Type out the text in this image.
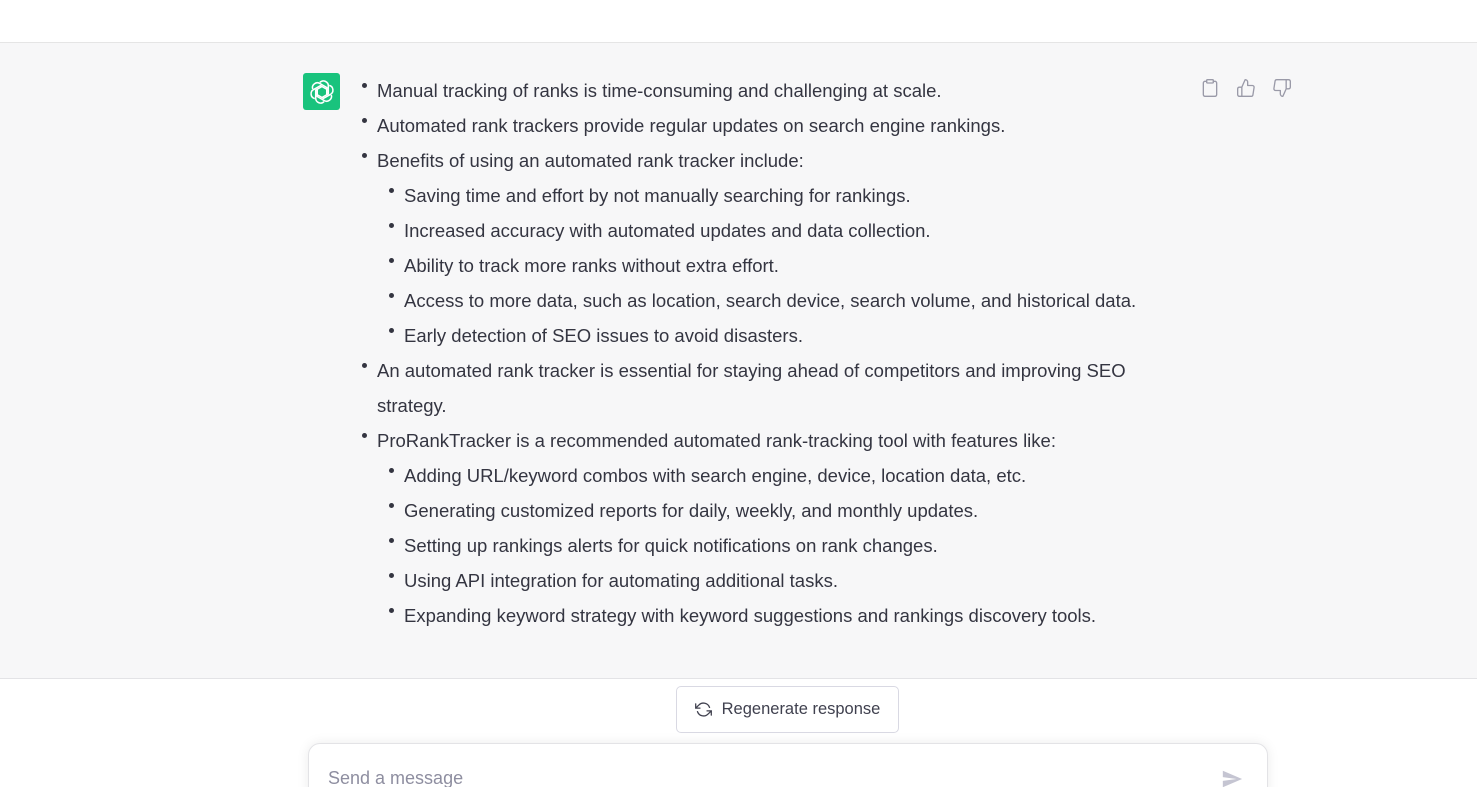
Manual tracking of ranks is time-consuming and challenging at scale.
Automated rank trackers provide regular updates on search engine rankings.
Benefits of using an automated rank tracker include:
Saving time and effort by not manually searching for rankings.
Increased accuracy with automated updates and data collection.
Ability to track more ranks without extra effort.
Access to more data, such as location, search device, search volume, and historical data.
Early detection of SEO issues to avoid disasters.
An automated rank tracker is essential for staying ahead of competitors and improving SEO strategy.
ProRankTracker is a recommended automated rank-tracking tool with features like:
Adding URL/keyword combos with search engine, device, location data, etc.
Generating customized reports for daily, weekly, and monthly updates.
Setting up rankings alerts for quick notifications on rank changes.
Using API integration for automating additional tasks.
Expanding keyword strategy with keyword suggestions and rankings discovery tools.
Regenerate response
Send a message
